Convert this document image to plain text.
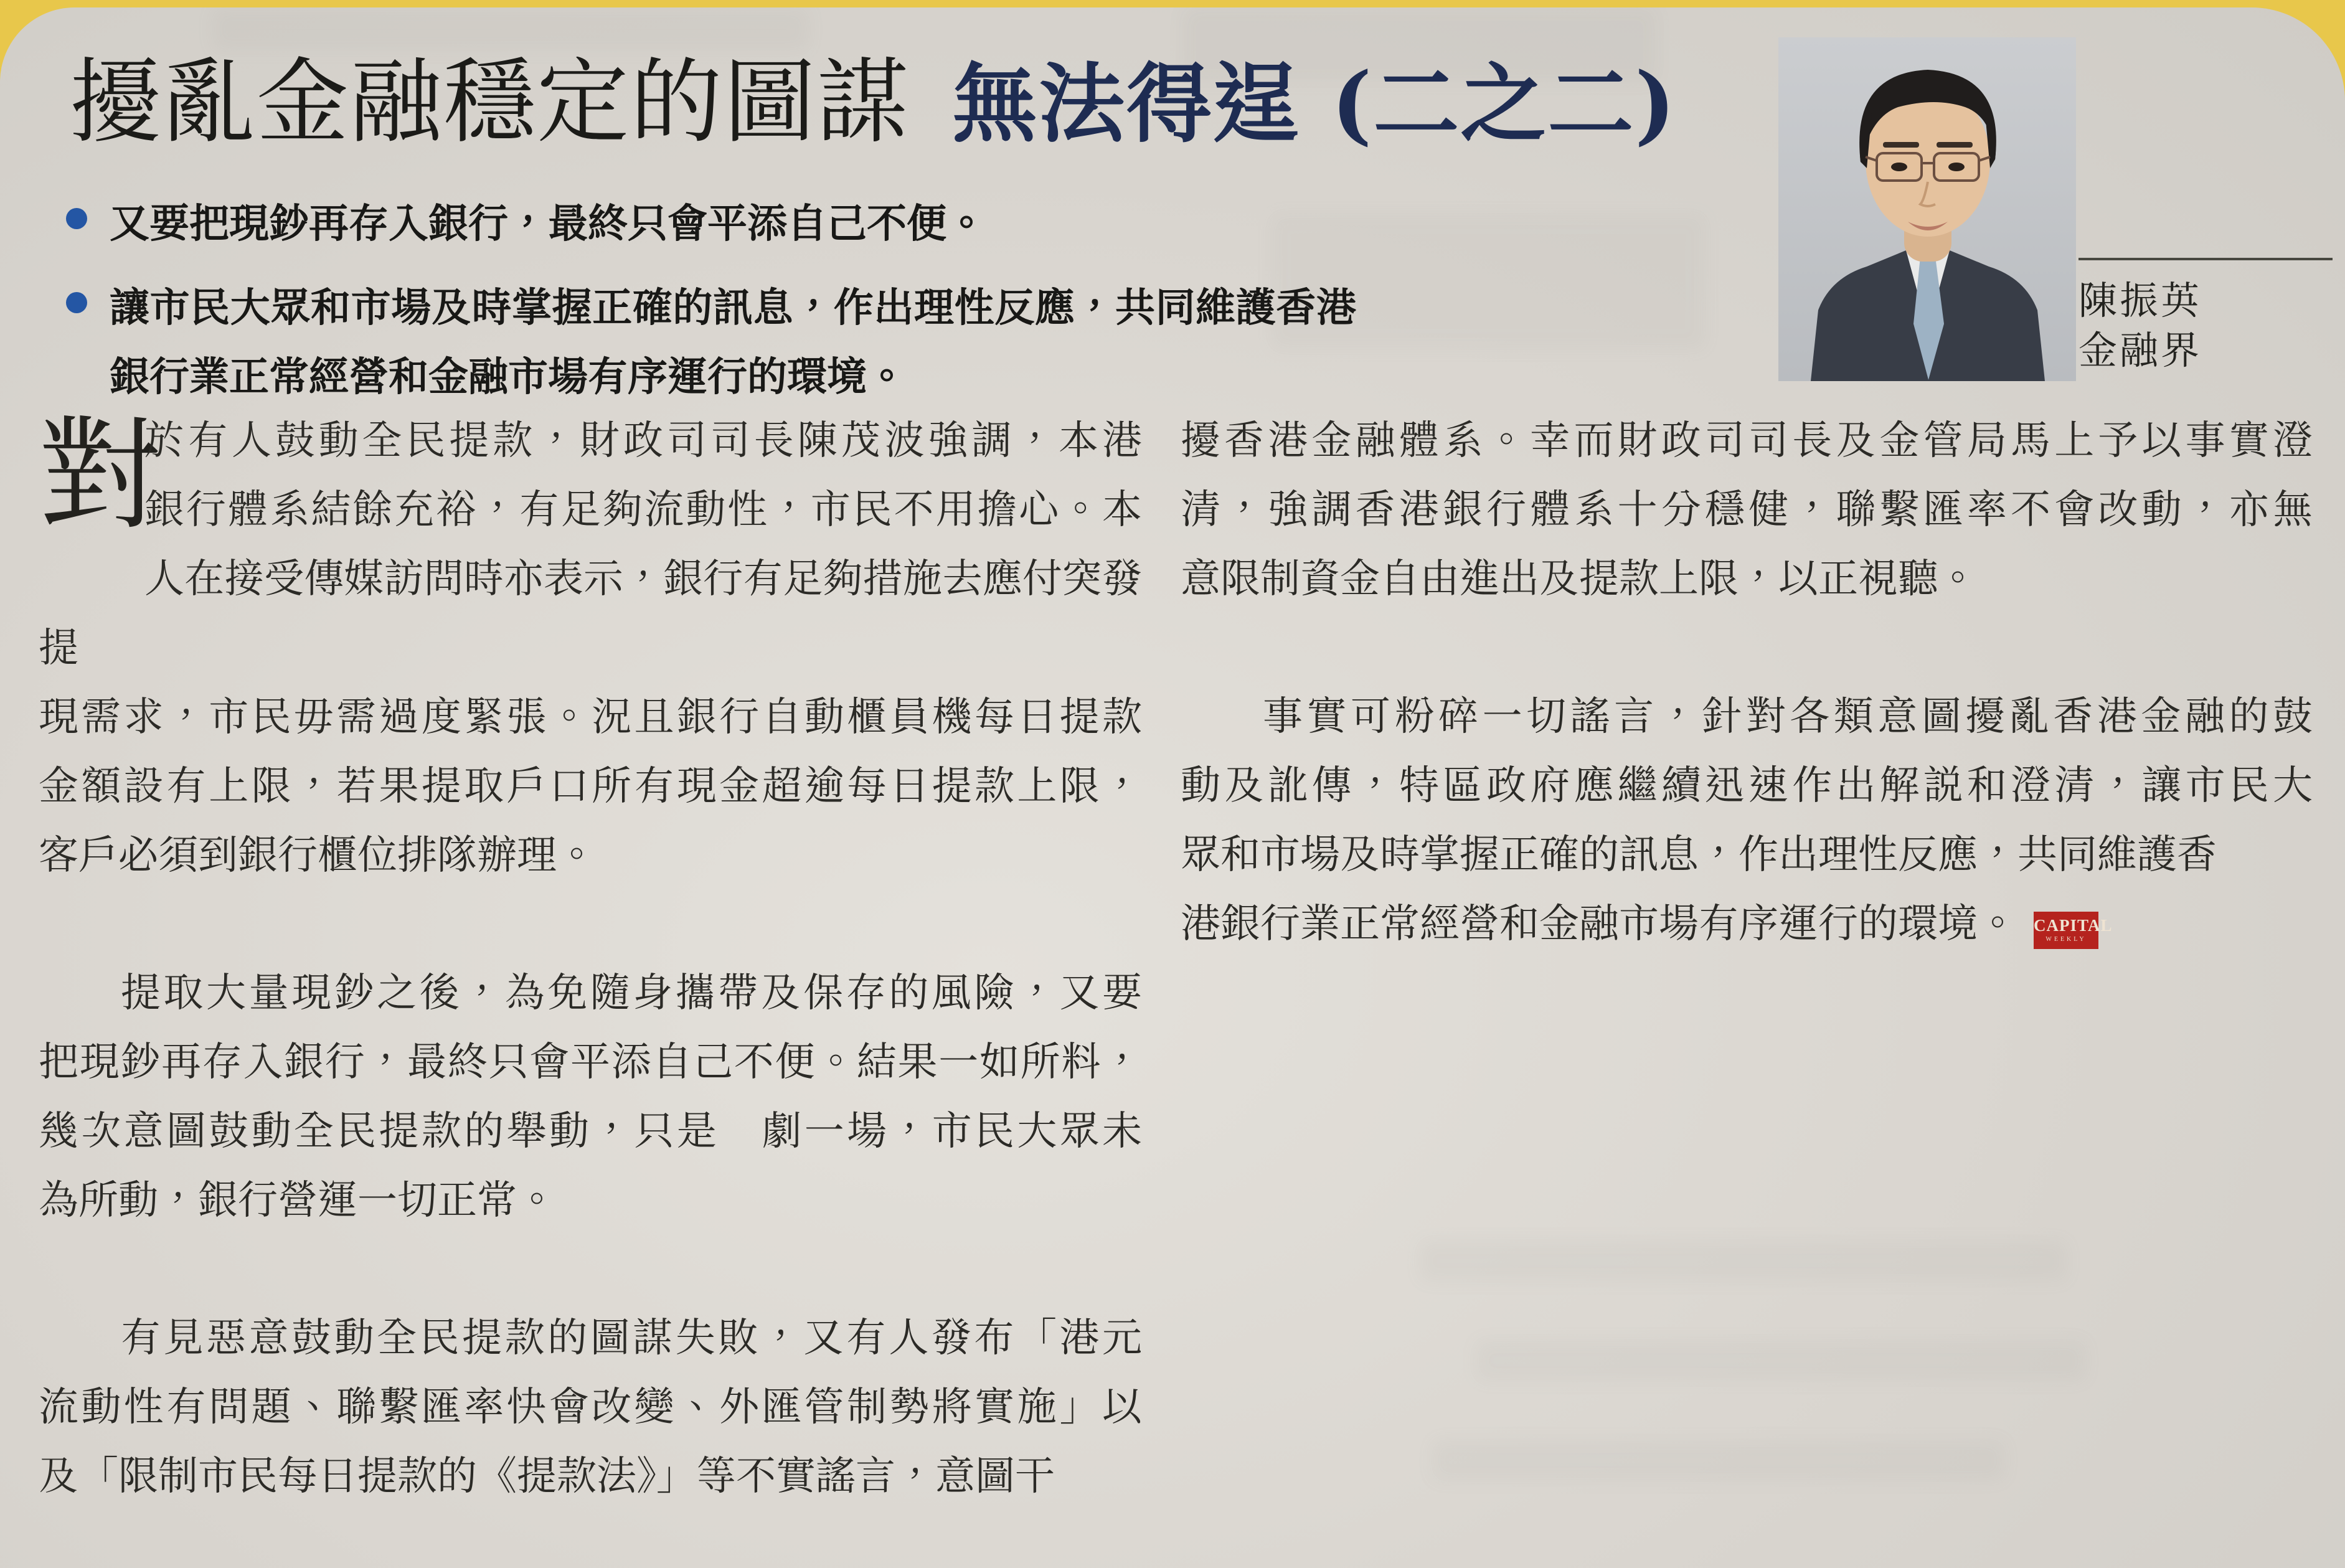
擾亂金融穩定的圖謀 無法得逞 (二之二)
又要把現鈔再存入銀行，最終只會平添自己不便。
讓市民大眾和市場及時掌握正確的訊息，作出理性反應，共同維護香港
銀行業正常經營和金融市場有序運行的環境。
陳振英
金融界
對
於有人鼓動全民提款，財政司司長陳茂波強調，本港
銀行體系結餘充裕，有足夠流動性，市民不用擔心。本
人在接受傳媒訪問時亦表示，銀行有足夠措施去應付突發提
現需求，市民毋需過度緊張。況且銀行自動櫃員機每日提款
金額設有上限，若果提取戶口所有現金超逾每日提款上限，
客戶必須到銀行櫃位排隊辦理。
提取大量現鈔之後，為免隨身攜帶及保存的風險，又要
把現鈔再存入銀行，最終只會平添自己不便。結果一如所料，
幾次意圖鼓動全民提款的舉動，只是　劇一場，市民大眾未
為所動，銀行營運一切正常。
有見惡意鼓動全民提款的圖謀失敗，又有人發布「港元
流動性有問題、聯繫匯率快會改變、外匯管制勢將實施」以
及「限制市民每日提款的《提款法》」等不實謠言，意圖干
擾香港金融體系。幸而財政司司長及金管局馬上予以事實澄
清，強調香港銀行體系十分穩健，聯繫匯率不會改動，亦無
意限制資金自由進出及提款上限，以正視聽。
事實可粉碎一切謠言，針對各類意圖擾亂香港金融的鼓
動及訛傳，特區政府應繼續迅速作出解説和澄清，讓市民大
眾和市場及時掌握正確的訊息，作出理性反應，共同維護香
港銀行業正常經營和金融市場有序運行的環境。 CAPITAL
WEEKLY
